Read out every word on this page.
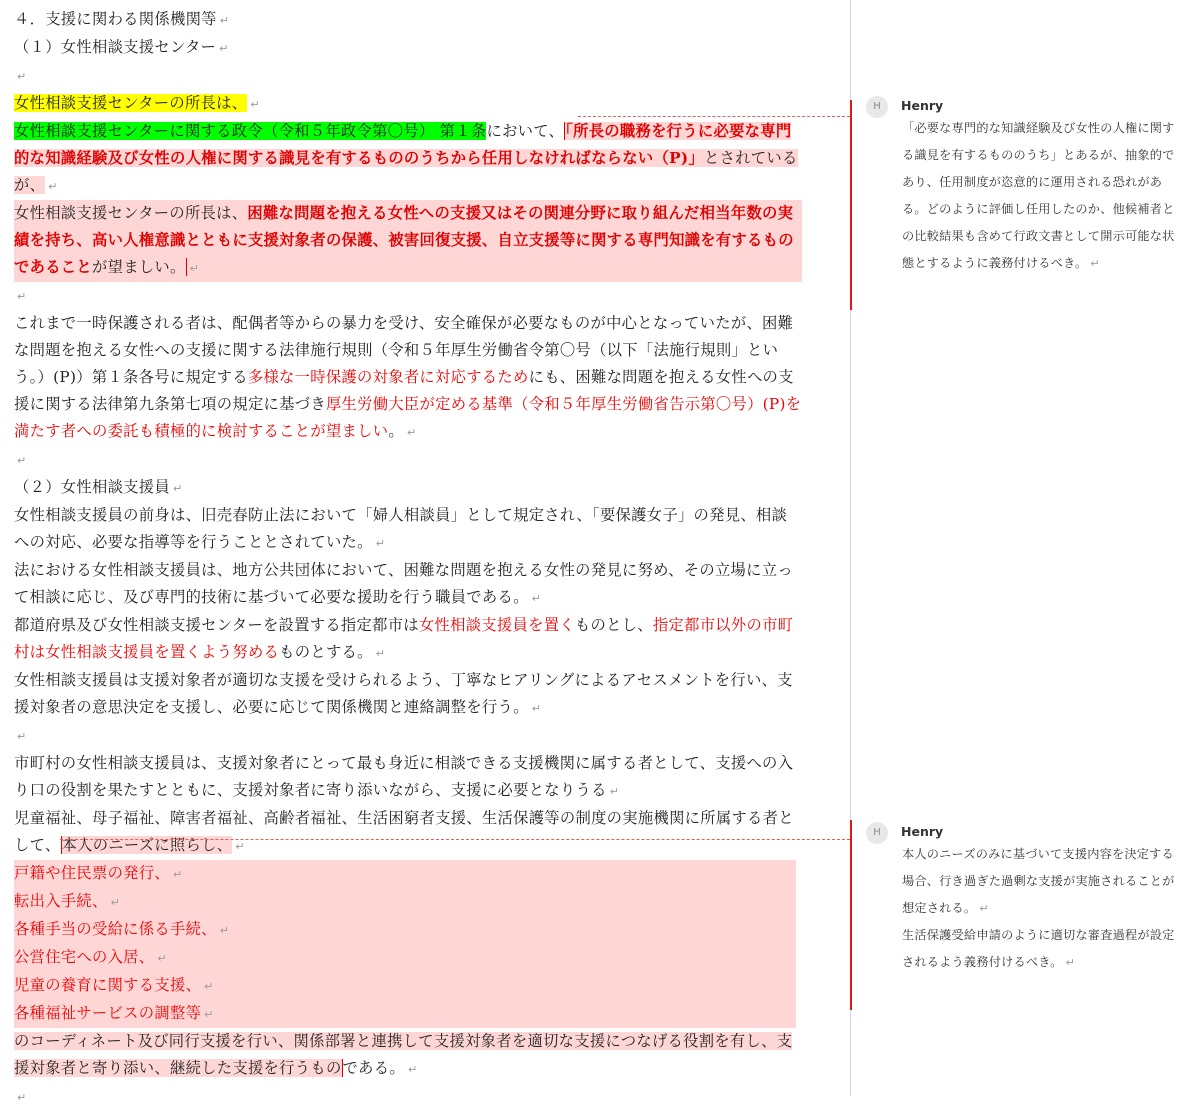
４．支援に関わる関係機関等 ↵

（１）女性相談支援センター ↵

↵

女性相談支援センターの所長は、 ↵

女性相談支援センターに関する政令（令和５年政令第〇号） 第１条において、「所長の職務を行うに必要な専門的な知識経験及び女性の人権に関する識見を有するもののうちから任用しなければならない（P)」とされているが、 ↵

女性相談支援センターの所長は、困難な問題を抱える女性への支援又はその関連分野に取り組んだ相当年数の実績を持ち、高い人権意識とともに支援対象者の保護、被害回復支援、自立支援等に関する専門知識を有するものであることが望ましい。 ↵

↵

これまで一時保護される者は、配偶者等からの暴力を受け、安全確保が必要なものが中心となっていたが、困難な問題を抱える女性への支援に関する法律施行規則（令和５年厚生労働省令第〇号（以下「法施行規則」という。）(P)）第１条各号に規定する多様な一時保護の対象者に対応するためにも、困難な問題を抱える女性への支援に関する法律第九条第七項の規定に基づき厚生労働大臣が定める基準（令和５年厚生労働省告示第〇号）(P)を満たす者への委託も積極的に検討することが望ましい。 ↵

↵

（２）女性相談支援員 ↵

女性相談支援員の前身は、旧売春防止法において「婦人相談員」として規定され、「要保護女子」の発見、相談への対応、必要な指導等を行うこととされていた。 ↵

法における女性相談支援員は、地方公共団体において、困難な問題を抱える女性の発見に努め、その立場に立って相談に応じ、及び専門的技術に基づいて必要な援助を行う職員である。 ↵

都道府県及び女性相談支援センターを設置する指定都市は女性相談支援員を置くものとし、指定都市以外の市町村は女性相談支援員を置くよう努めるものとする。 ↵

女性相談支援員は支援対象者が適切な支援を受けられるよう、丁寧なヒアリングによるアセスメントを行い、支援対象者の意思決定を支援し、必要に応じて関係機関と連絡調整を行う。 ↵

↵

市町村の女性相談支援員は、支援対象者にとって最も身近に相談できる支援機関に属する者として、支援への入り口の役割を果たすとともに、支援対象者に寄り添いながら、支援に必要となりうる ↵

児童福祉、母子福祉、障害者福祉、高齢者福祉、生活困窮者支援、生活保護等の制度の実施機関に所属する者として、本人のニーズに照らし、 ↵

戸籍や住民票の発行、 ↵

転出入手続、 ↵

各種手当の受給に係る手続、 ↵

公営住宅への入居、 ↵

児童の養育に関する支援、 ↵

各種福祉サービスの調整等 ↵

のコーディネート及び同行支援を行い、関係部署と連携して支援対象者を適切な支援につなげる役割を有し、支援対象者と寄り添い、継続した支援を行うものである。 ↵

↵

H	Henry
「必要な専門的な知識経験及び女性の人権に関する識見を有するもののうち」とあるが、抽象的であり、任用制度が恣意的に運用される恐れがある。どのように評価し任用したのか、他候補者との比較結果も含めて行政文書として開示可能な状態とするように義務付けるべき。 ↵
H	Henry
本人のニーズのみに基づいて支援内容を決定する場合、行き過ぎた過剰な支援が実施されることが想定される。 ↵
生活保護受給申請のように適切な審査過程が設定されるよう義務付けるべき。 ↵
